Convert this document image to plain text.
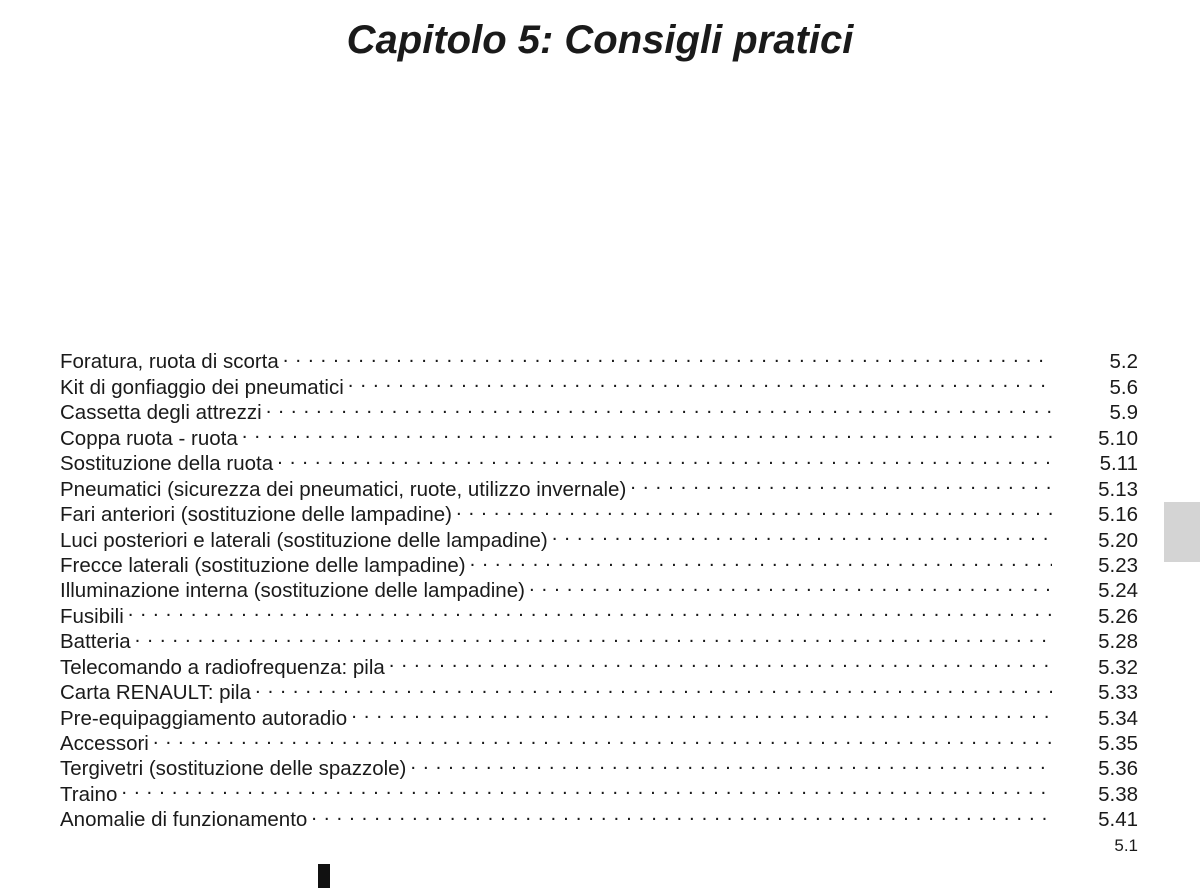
Capitolo 5: Consigli pratici
Foratura, ruota di scorta . . .	5.2
Kit di gonfiaggio dei pneumatici . . .	5.6
Cassetta degli attrezzi . . .	5.9
Coppa ruota - ruota . . .	5.10
Sostituzione della ruota . . .	5.11
Pneumatici (sicurezza dei pneumatici, ruote, utilizzo invernale) . . .	5.13
Fari anteriori (sostituzione delle lampadine) . . .	5.16
Luci posteriori e laterali (sostituzione delle lampadine) . . .	5.20
Frecce laterali (sostituzione delle lampadine) . . .	5.23
Illuminazione interna (sostituzione delle lampadine) . . .	5.24
Fusibili . . .	5.26
Batteria . . .	5.28
Telecomando a radiofrequenza: pila . . .	5.32
Carta RENAULT: pila . . .	5.33
Pre-equipaggiamento autoradio . . .	5.34
Accessori . . .	5.35
Tergivetri (sostituzione delle spazzole) . . .	5.36
Traino . . .	5.38
Anomalie di funzionamento . . .	5.41
5.1
